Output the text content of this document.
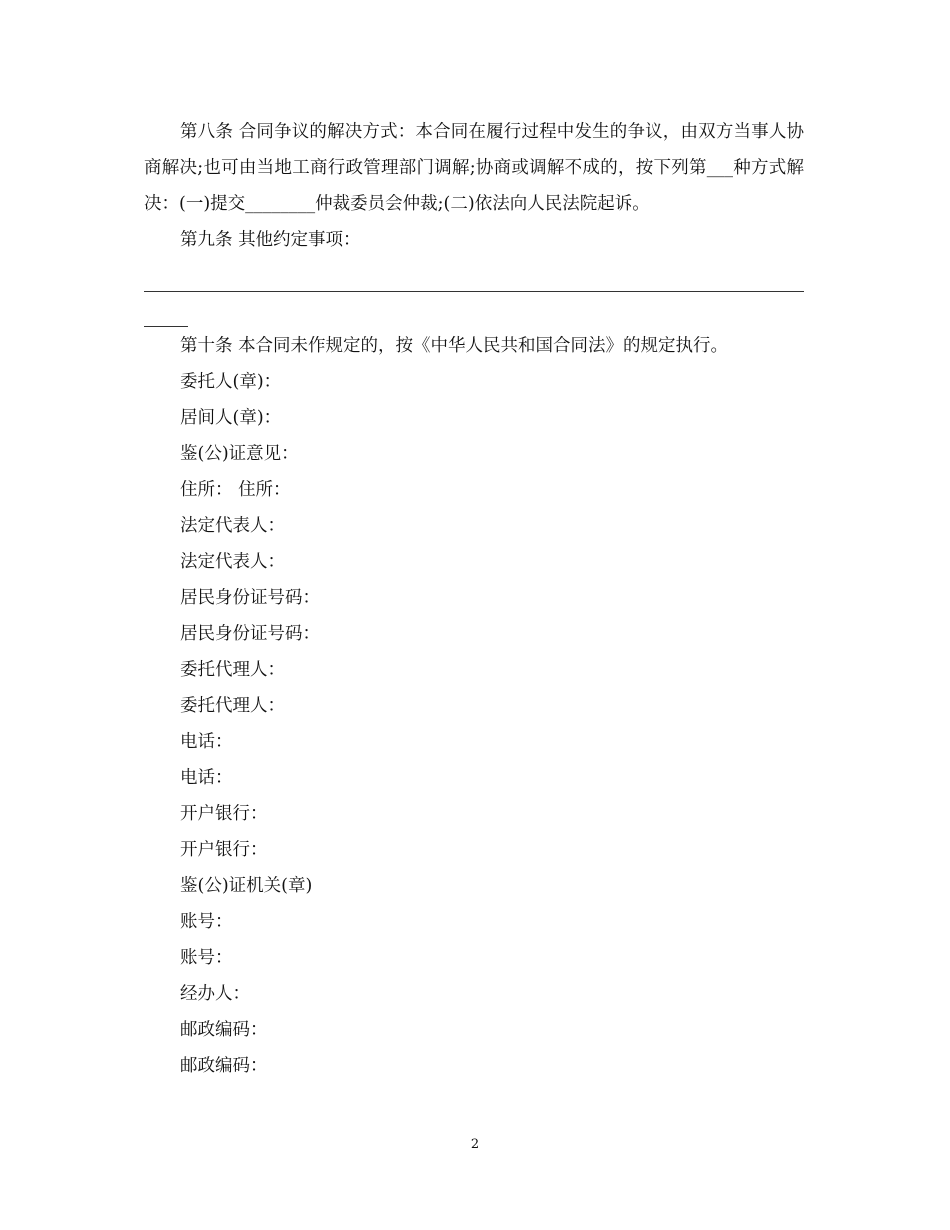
第八条 合同争议的解决方式：本合同在履行过程中发生的争议，由双方当事人协商解决;也可由当地工商行政管理部门调解;协商或调解不成的，按下列第___种方式解决：(一)提交________仲裁委员会仲裁;(二)依法向人民法院起诉。

第九条 其他约定事项：

第十条 本合同未作规定的，按《中华人民共和国合同法》的规定执行。

委托人(章)：
居间人(章)：
鉴(公)证意见：
住所： 住所：
法定代表人：
法定代表人：
居民身份证号码：
居民身份证号码：
委托代理人：
委托代理人：
电话：
电话：
开户银行：
开户银行：
鉴(公)证机关(章)
账号：
账号：
经办人：
邮政编码：
邮政编码：
2
